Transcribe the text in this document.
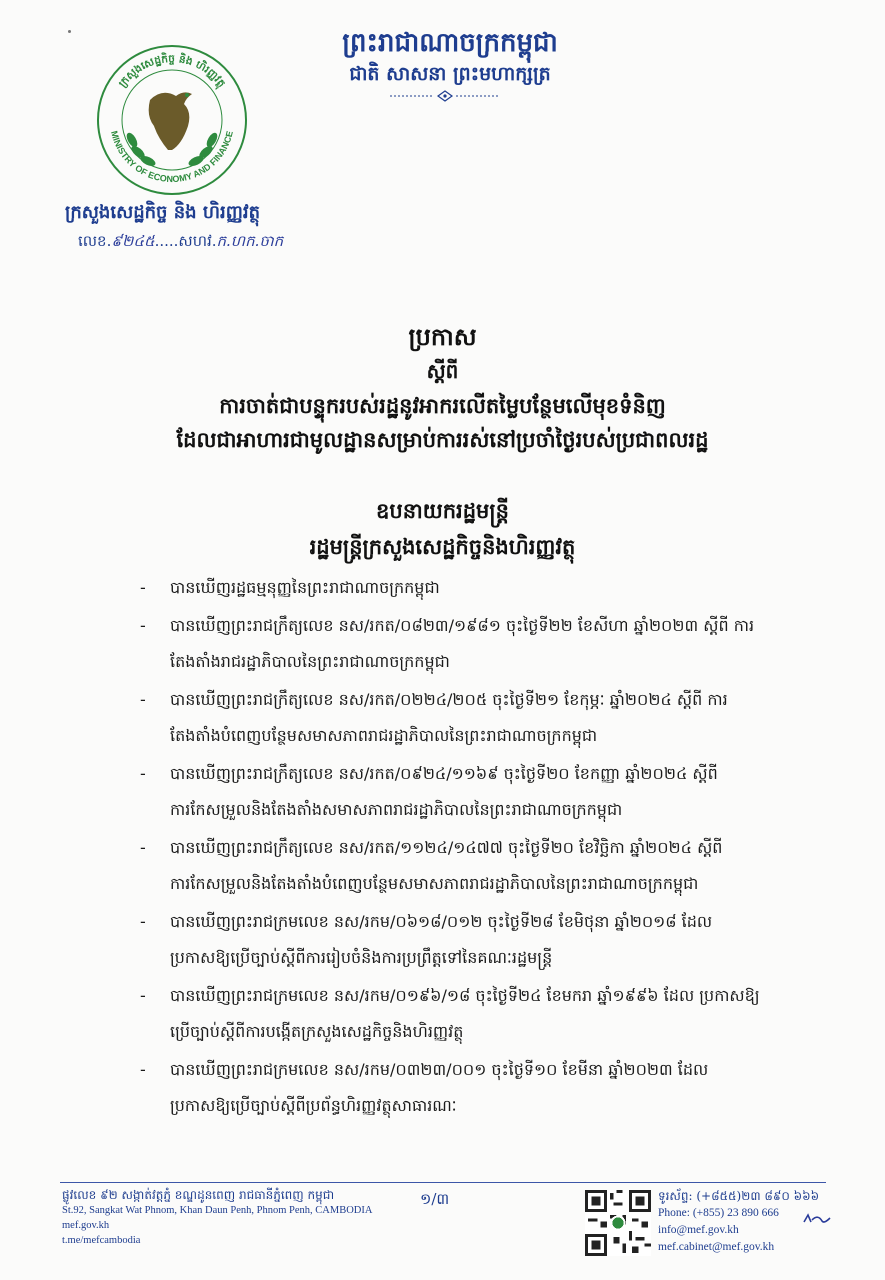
ព្រះរាជាណាចក្រកម្ពុជា
ជាតិ សាសនា ព្រះមហាក្សត្រ
ក្រសួងសេដ្ឋកិច្ច និង ហិរញ្ញវត្ថុ
MINISTRY OF ECONOMY AND FINANCE
ក្រសួងសេដ្ឋកិច្ច និង ហិរញ្ញវត្ថុ
លេខ.៩២៤៥.....សហវ.ក.ហក.ចាក
ប្រកាស
ស្តីពី
ការចាត់ជាបន្ទុករបស់រដ្ឋនូវអាករលើតម្លៃបន្ថែមលើមុខទំនិញ
ដែលជាអាហារជាមូលដ្ឋានសម្រាប់ការរស់នៅប្រចាំថ្ងៃរបស់ប្រជាពលរដ្ឋ
ឧបនាយករដ្ឋមន្ត្រី
រដ្ឋមន្ត្រីក្រសួងសេដ្ឋកិច្ចនិងហិរញ្ញវត្ថុ
- បានឃើញរដ្ឋធម្មនុញ្ញនៃព្រះរាជាណាចក្រកម្ពុជា
- បានឃើញព្រះរាជក្រឹត្យលេខ នស/រកត/០៨២៣/១៩៨១ ចុះថ្ងៃទី២២ ខែសីហា ឆ្នាំ២០២៣ ស្តីពី ការតែងតាំងរាជរដ្ឋាភិបាលនៃព្រះរាជាណាចក្រកម្ពុជា
- បានឃើញព្រះរាជក្រឹត្យលេខ នស/រកត/០២២៤/២០៥ ចុះថ្ងៃទី២១ ខែកុម្ភៈ ឆ្នាំ២០២៤ ស្តីពី ការតែងតាំងបំពេញបន្ថែមសមាសភាពរាជរដ្ឋាភិបាលនៃព្រះរាជាណាចក្រកម្ពុជា
- បានឃើញព្រះរាជក្រឹត្យលេខ នស/រកត/០៩២៤/១១៦៩ ចុះថ្ងៃទី២០ ខែកញ្ញា ឆ្នាំ២០២៤ ស្តីពី ការកែសម្រួលនិងតែងតាំងសមាសភាពរាជរដ្ឋាភិបាលនៃព្រះរាជាណាចក្រកម្ពុជា
- បានឃើញព្រះរាជក្រឹត្យលេខ នស/រកត/១១២៤/១៤៧៧ ចុះថ្ងៃទី២០ ខែវិច្ឆិកា ឆ្នាំ២០២៤ ស្តីពី ការកែសម្រួលនិងតែងតាំងបំពេញបន្ថែមសមាសភាពរាជរដ្ឋាភិបាលនៃព្រះរាជាណាចក្រកម្ពុជា
- បានឃើញព្រះរាជក្រមលេខ នស/រកម/០៦១៨/០១២ ចុះថ្ងៃទី២៨ ខែមិថុនា ឆ្នាំ២០១៨ ដែល ប្រកាសឱ្យប្រើច្បាប់ស្តីពីការរៀបចំនិងការប្រព្រឹត្តទៅនៃគណៈរដ្ឋមន្ត្រី
- បានឃើញព្រះរាជក្រមលេខ នស/រកម/០១៩៦/១៨ ចុះថ្ងៃទី២៤ ខែមករា ឆ្នាំ១៩៩៦ ដែល ប្រកាសឱ្យប្រើច្បាប់ស្តីពីការបង្កើតក្រសួងសេដ្ឋកិច្ចនិងហិរញ្ញវត្ថុ
- បានឃើញព្រះរាជក្រមលេខ នស/រកម/០៣២៣/០០១ ចុះថ្ងៃទី១០ ខែមីនា ឆ្នាំ២០២៣ ដែល ប្រកាសឱ្យប្រើច្បាប់ស្តីពីប្រព័ន្ធហិរញ្ញវត្ថុសាធារណៈ
ផ្លូវលេខ ៩២ សង្កាត់វត្តភ្នំ ខណ្ឌដូនពេញ រាជធានីភ្នំពេញ កម្ពុជា
St.92, Sangkat Wat Phnom, Khan Daun Penh, Phnom Penh, CAMBODIA
mef.gov.kh
t.me/mefcambodia
១/៣	ទូរស័ព្ទ: (+៨៥៥)២៣ ៨៩០ ៦៦៦
Phone: (+855) 23 890 666
info@mef.gov.kh
mef.cabinet@mef.gov.kh
